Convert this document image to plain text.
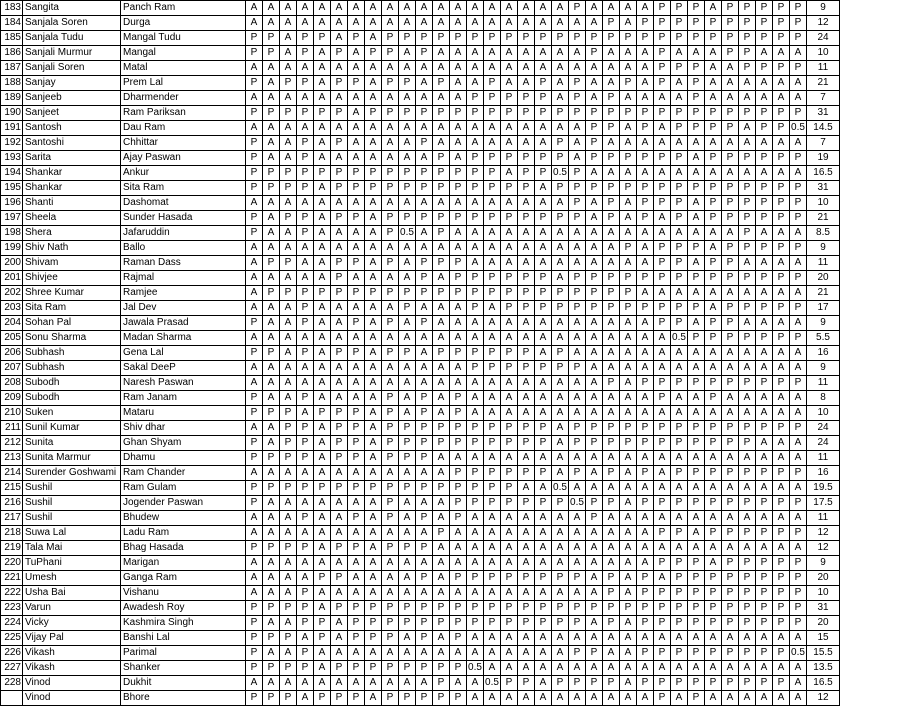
183	Sangita	Panch Ram	A	A	A	A	A	A	A	A	A	A	A	A	A	A	A	A	A	A	A	P	A	A	A	A	P	P	P	A	P	P	P	P	P	9
184	Sanjala Soren	Durga	A	A	A	A	A	A	A	A	A	A	A	A	A	A	A	A	A	A	A	A	A	P	A	P	P	P	P	P	P	P	P	P	P	12
185	Sanjala Tudu	Mangal Tudu	P	P	A	P	P	A	P	A	P	P	P	P	P	P	P	P	P	P	P	P	P	P	P	P	P	P	P	P	P	P	P	P	P	24
186	Sanjali Murmur	Mangal	P	P	A	P	A	P	A	P	P	A	P	A	A	A	A	A	A	A	A	A	P	A	A	A	P	A	A	A	P	P	A	A	A	10
187	Sanjali Soren	Matal	A	A	A	A	A	A	A	A	A	A	A	A	A	A	A	A	A	A	A	A	A	A	A	A	P	P	P	A	A	P	P	P	P	11
188	Sanjay	Prem Lal	P	A	P	P	A	P	P	A	P	P	A	P	A	A	P	A	A	P	A	P	A	A	P	A	P	A	P	A	A	A	A	A	A	21
189	Sanjeeb	Dharmender	A	A	A	A	A	A	A	A	A	A	A	A	A	P	P	P	P	P	A	P	A	P	A	A	A	A	P	A	A	A	A	A	A	7
190	Sanjeet	Ram Pariksan	P	P	P	P	P	P	A	P	P	P	P	P	P	P	P	P	P	P	P	P	P	P	P	P	P	P	P	P	P	P	P	P	P	31
191	Santosh	Dau Ram	A	A	A	A	A	A	A	A	A	A	A	A	A	A	A	A	A	A	A	A	P	P	A	P	A	P	P	P	P	A	P	P	0.5	14.5
192	Santoshi	Chhittar	P	A	A	P	A	P	A	A	A	A	P	A	A	A	A	A	A	A	P	A	P	A	A	A	A	A	A	A	A	A	A	A	A	7
193	Sarita	Ajay Paswan	P	A	A	P	A	A	A	A	A	A	A	P	A	P	P	P	P	P	P	A	P	P	P	P	P	P	A	P	P	P	P	P	P	19
194	Shankar	Ankur	P	P	P	P	P	P	P	P	P	P	P	P	P	P	P	A	P	P	0.5	P	A	A	A	A	A	A	A	A	A	A	A	A	A	16.5
195	Shankar	Sita Ram	P	P	P	P	A	P	P	P	P	P	P	P	P	P	P	P	P	A	P	P	P	P	P	P	P	P	P	P	P	P	P	P	P	31
196	Shanti	Dashomat	A	A	A	A	A	A	A	A	A	A	A	A	A	A	A	A	A	A	A	P	A	P	A	P	P	P	A	P	P	P	P	P	P	10
197	Sheela	Sunder Hasada	P	A	P	P	A	P	P	A	P	P	P	P	P	P	P	P	P	P	P	P	A	P	A	P	A	P	A	P	P	P	P	P	P	21
198	Shera	Jafaruddin	P	A	A	P	A	A	A	A	P	0.5	A	P	A	A	A	A	A	A	A	A	A	A	A	A	A	A	A	A	A	P	A	A	A	8.5
199	Shiv Nath	Ballo	A	A	A	A	A	A	A	A	A	A	A	A	A	A	A	A	A	A	A	A	A	A	P	A	P	P	P	A	P	P	P	P	P	9
200	Shivam	Raman Dass	A	P	P	A	A	P	P	A	P	A	P	P	P	A	A	A	A	A	A	A	A	A	A	A	P	P	A	P	P	A	A	A	A	11
201	Shivjee	Rajmal	A	A	A	A	A	P	A	A	A	A	P	A	P	P	P	P	P	P	A	P	P	P	P	P	P	P	P	P	P	P	P	P	P	20
202	Shree Kumar	Ramjee	A	P	P	P	P	P	P	P	P	P	P	P	P	P	P	P	P	P	P	P	P	P	P	A	A	A	A	A	A	A	A	A	A	21
203	Sita Ram	Jal Dev	A	A	A	P	A	A	A	A	A	P	A	A	A	P	A	P	P	P	P	P	P	P	P	P	P	P	P	A	P	P	P	P	P	17
204	Sohan Pal	Jawala Prasad	P	A	A	P	A	A	P	A	P	A	P	A	A	A	A	A	A	A	A	A	A	A	A	A	P	P	A	P	P	A	A	A	A	9
205	Sonu Sharma	Madan Sharma	A	A	A	A	A	A	A	A	A	A	A	A	A	A	A	A	A	A	A	A	A	A	A	A	A	0.5	P	P	P	P	P	P	P	5.5
206	Subhash	Gena Lal	P	P	A	P	A	P	P	A	P	P	A	P	P	P	P	P	P	A	P	A	A	A	A	A	A	A	A	A	A	A	A	A	A	16
207	Subhash	Sakal DeeP	A	A	A	A	A	A	A	A	A	A	A	A	A	P	P	P	P	P	P	P	A	A	A	A	A	A	A	A	A	A	A	A	A	9
208	Subodh	Naresh Paswan	A	A	A	A	A	A	A	A	A	A	A	A	A	A	A	A	A	A	A	A	A	P	A	P	P	P	P	P	P	P	P	P	P	11
209	Subodh	Ram Janam	P	A	A	P	A	A	A	A	P	A	P	A	P	A	A	A	A	A	A	A	A	A	A	A	P	A	A	P	A	A	A	A	A	8
210	Suken	Mataru	P	P	P	A	P	P	P	A	P	A	P	A	P	A	A	A	A	A	A	A	A	A	A	A	A	A	A	A	A	A	A	A	A	10
211	Sunil Kumar	Shiv dhar	A	A	P	P	A	P	P	A	P	P	P	P	P	P	P	P	P	P	A	P	P	P	P	P	P	P	P	P	P	P	P	P	P	24
212	Sunita	Ghan Shyam	P	A	P	P	A	P	P	A	P	P	P	P	P	P	P	P	P	P	A	P	P	P	P	P	P	P	P	P	P	P	A	A	A	24
213	Sunita Marmur	Dhamu	P	P	P	P	A	P	P	A	P	P	P	A	A	A	A	A	A	A	A	A	A	A	A	A	A	A	A	A	A	A	A	A	A	11
214	Surender Goshwami	Ram Chander	A	A	A	A	A	A	A	A	A	A	A	A	P	P	P	P	P	P	A	P	A	P	A	P	A	P	P	P	P	P	P	P	P	16
215	Sushil	Ram Gulam	P	P	P	P	P	P	P	P	P	P	P	P	P	P	P	P	A	A	0.5	A	A	A	A	A	A	A	A	A	A	A	A	A	A	19.5
216	Sushil	Jogender Paswan	P	A	A	A	A	A	A	A	P	A	A	A	P	P	P	P	P	P	P	0.5	P	P	A	P	P	P	P	P	P	P	P	P	P	17.5
217	Sushil	Bhudew	A	A	A	P	A	A	P	A	P	A	P	A	P	A	A	A	A	A	A	A	P	A	A	A	A	A	A	A	A	A	A	A	A	11
218	Suwa Lal	Ladu Ram	A	A	A	A	A	A	A	A	A	A	A	P	A	A	A	A	A	A	A	A	A	A	A	A	P	P	A	P	P	P	P	P	P	12
219	Tala Mai	Bhag Hasada	P	P	P	P	A	P	P	A	P	P	P	A	A	A	A	A	A	A	A	A	A	A	A	A	A	A	A	A	A	A	A	A	A	12
220	TuPhani	Marigan	A	A	A	A	A	A	A	A	A	A	A	A	A	A	A	A	A	A	A	A	A	A	A	A	P	P	P	A	P	P	P	P	P	9
221	Umesh	Ganga Ram	A	A	A	A	P	P	A	A	A	A	P	A	P	P	P	P	P	P	P	P	A	P	A	P	A	P	P	P	P	P	P	P	P	20
222	Usha Bai	Vishanu	A	A	A	P	A	A	A	A	A	A	A	A	A	A	A	A	A	A	A	A	A	P	A	P	P	P	P	P	P	P	P	P	P	10
223	Varun	Awadesh Roy	P	P	P	P	A	P	P	P	P	P	P	P	P	P	P	P	P	P	P	P	P	P	P	P	P	P	P	P	P	P	P	P	P	31
224	Vicky	Kashmira Singh	P	A	A	P	P	A	P	P	P	P	P	P	P	P	P	P	P	P	P	P	A	P	A	P	P	P	P	P	P	P	P	P	P	20
225	Vijay Pal	Banshi Lal	P	P	P	A	P	A	P	P	P	A	P	A	P	A	A	A	A	A	A	A	A	A	A	A	A	A	A	A	A	A	A	A	A	15
226	Vikash	Parimal	P	A	A	P	A	A	A	A	A	A	A	A	A	A	A	A	A	A	A	P	P	A	A	P	P	P	P	P	P	P	P	P	0.5	15.5
227	Vikash	Shanker	P	P	P	P	A	P	P	P	P	P	P	P	P	0.5	A	A	A	A	A	A	A	A	A	A	A	A	A	A	A	A	A	A	A	13.5
228	Vinod	Dukhit	A	A	A	A	A	A	A	A	A	A	A	P	A	A	0.5	P	P	A	P	P	P	P	A	P	P	P	P	P	P	P	P	P	A	16.5
	Vinod	Bhore	P	P	P	A	P	P	P	A	P	P	P	P	P	A	A	A	A	A	A	A	A	A	A	A	P	A	P	A	A	A	A	A	A	12
